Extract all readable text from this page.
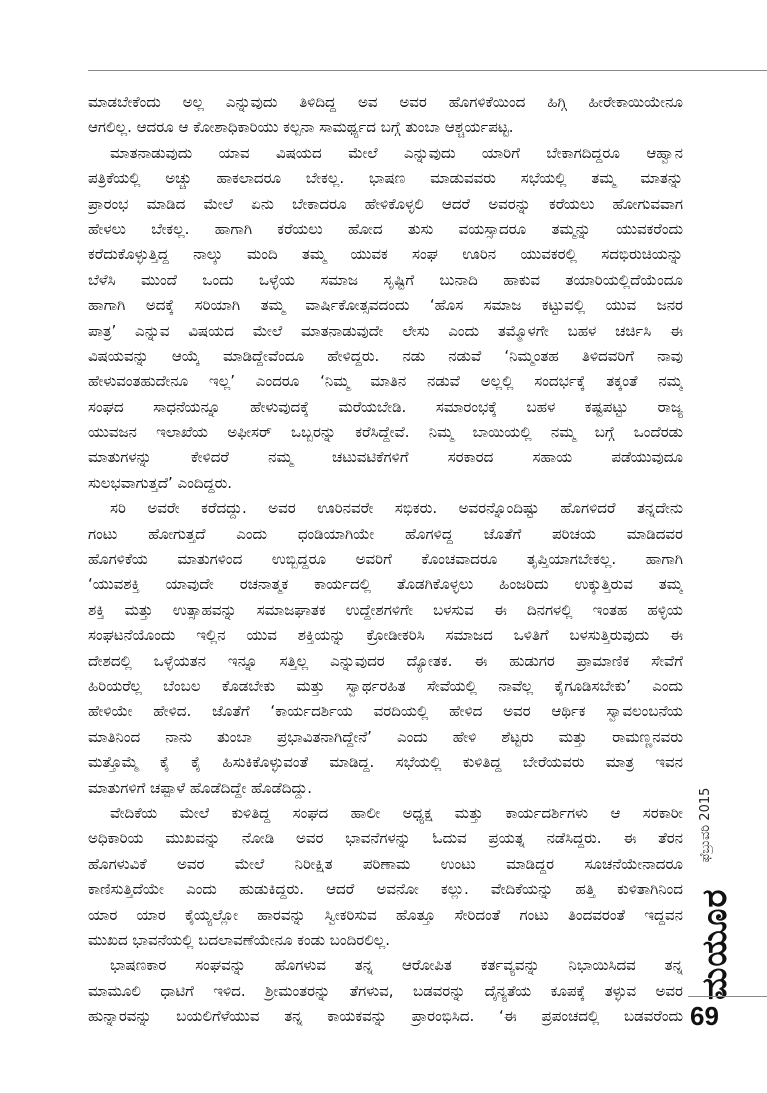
ಮಾಡಬೇಕೆಂದು ಅಲ್ಲ ಎನ್ನುವುದು ತಿಳಿದಿದ್ದ ಅವ ಅವರ ಹೊಗಳಿಕೆಯಿಂದ ಹಿಗ್ಗಿ ಹೀರೇಕಾಯಿಯೇನೂ
ಆಗಲಿಲ್ಲ. ಆದರೂ ಆ ಕೋಶಾಧಿಕಾರಿಯು ಕಲ್ಪನಾ ಸಾಮರ್ಥ್ಯದ ಬಗ್ಗೆ ತುಂಬಾ ಆಶ್ಚರ್ಯಪಟ್ಟ.
ಮಾತನಾಡುವುದು ಯಾವ ವಿಷಯದ ಮೇಲೆ ಎನ್ನುವುದು ಯಾರಿಗೆ ಬೇಕಾಗದಿದ್ದರೂ ಆಹ್ವಾನ
ಪತ್ರಿಕೆಯಲ್ಲಿ ಅಚ್ಚು ಹಾಕಲಾದರೂ ಬೇಕಲ್ಲ. ಭಾಷಣ ಮಾಡುವವರು ಸಭೆಯಲ್ಲಿ ತಮ್ಮ ಮಾತನ್ನು
ಪ್ರಾರಂಭ ಮಾಡಿದ ಮೇಲೆ ಏನು ಬೇಕಾದರೂ ಹೇಳಿಕೊಳ್ಳಲಿ ಆದರೆ ಅವರನ್ನು ಕರೆಯಲು ಹೋಗುವವಾಗ
ಹೇಳಲು ಬೇಕಲ್ಲ. ಹಾಗಾಗಿ ಕರೆಯಲು ಹೋದ ತುಸು ವಯಸ್ಸಾದರೂ ತಮ್ಮನ್ನು ಯುವಕರೆಂದು
ಕರೆದುಕೊಳ್ಳುತ್ತಿದ್ದ ನಾಲ್ಕು ಮಂದಿ ತಮ್ಮ ಯುವಕ ಸಂಘ ಊರಿನ ಯುವಕರಲ್ಲಿ ಸದಭಿರುಚಿಯನ್ನು
ಬೆಳೆಸಿ ಮುಂದೆ ಒಂದು ಒಳ್ಳೆಯ ಸಮಾಜ ಸೃಷ್ಟಿಗೆ ಬುನಾದಿ ಹಾಕುವ ತಯಾರಿಯಲ್ಲಿದೆಯೆಂದೂ
ಹಾಗಾಗಿ ಅದಕ್ಕೆ ಸರಿಯಾಗಿ ತಮ್ಮ ವಾರ್ಷಿಕೋತ್ಸವದಂದು ‘ಹೊಸ ಸಮಾಜ ಕಟ್ಟುವಲ್ಲಿ ಯುವ ಜನರ
ಪಾತ್ರ’ ಎನ್ನುವ ವಿಷಯದ ಮೇಲೆ ಮಾತನಾಡುವುದೇ ಲೇಸು ಎಂದು ತಮ್ಮೊಳಗೇ ಬಹಳ ಚರ್ಚಿಸಿ ಈ
ವಿಷಯವನ್ನು ಆಯ್ಕೆ ಮಾಡಿದ್ದೇವೆಂದೂ ಹೇಳಿದ್ದರು. ನಡು ನಡುವೆ ‘ನಿಮ್ಮಂತಹ ತಿಳಿದವರಿಗೆ ನಾವು
ಹೇಳುವಂತಹುದೇನೂ ಇಲ್ಲ’ ಎಂದರೂ ‘ನಿಮ್ಮ ಮಾತಿನ ನಡುವೆ ಅಲ್ಲಲ್ಲಿ ಸಂದರ್ಭಕ್ಕೆ ತಕ್ಕಂತೆ ನಮ್ಮ
ಸಂಘದ ಸಾಧನೆಯನ್ನೂ ಹೇಳುವುದಕ್ಕೆ ಮರೆಯಬೇಡಿ. ಸಮಾರಂಭಕ್ಕೆ ಬಹಳ ಕಷ್ಟಪಟ್ಟು ರಾಜ್ಯ
ಯುವಜನ ಇಲಾಖೆಯ ಅಫೀಸರ್ ಒಬ್ಬರನ್ನು ಕರೆಸಿದ್ದೇವೆ. ನಿಮ್ಮ ಬಾಯಿಯಲ್ಲಿ ನಮ್ಮ ಬಗ್ಗೆ ಒಂದೆರಡು
ಮಾತುಗಳನ್ನು ಕೇಳಿದರೆ ನಮ್ಮ ಚಟುವಟಿಕೆಗಳಿಗೆ ಸರಕಾರದ ಸಹಾಯ ಪಡೆಯುವುದೂ
ಸುಲಭವಾಗುತ್ತದೆ’ ಎಂದಿದ್ದರು.
ಸರಿ ಅವರೇ ಕರೆದದ್ದು. ಅವರ ಊರಿನವರೇ ಸಭಿಕರು. ಅವರನ್ನೊಂದಿಷ್ಟು ಹೊಗಳಿದರೆ ತನ್ನದೇನು
ಗಂಟು ಹೋಗುತ್ತದೆ ಎಂದು ಧಂಡಿಯಾಗಿಯೇ ಹೊಗಳಿದ್ದ ಜೊತೆಗೆ ಪರಿಚಯ ಮಾಡಿದವರ
ಹೊಗಳಿಕೆಯ ಮಾತುಗಳಿಂದ ಉಬ್ಬಿದ್ದರೂ ಅವರಿಗೆ ಕೊಂಚವಾದರೂ ತೃಪ್ತಿಯಾಗಬೇಕಲ್ಲ. ಹಾಗಾಗಿ
‘ಯುವಶಕ್ತಿ ಯಾವುದೇ ರಚನಾತ್ಮಕ ಕಾರ್ಯದಲ್ಲಿ ತೊಡಗಿಕೊಳ್ಳಲು ಹಿಂಜರಿದು ಉಕ್ಕುತ್ತಿರುವ ತಮ್ಮ
ಶಕ್ತಿ ಮತ್ತು ಉತ್ಸಾಹವನ್ನು ಸಮಾಜಘಾತಕ ಉದ್ದೇಶಗಳಿಗೇ ಬಳಸುವ ಈ ದಿನಗಳಲ್ಲಿ ಇಂತಹ ಹಳ್ಳಿಯ
ಸಂಘಟನೆಯೊಂದು ಇಲ್ಲಿನ ಯುವ ಶಕ್ತಿಯನ್ನು ಕ್ರೋಡೀಕರಿಸಿ ಸಮಾಜದ ಒಳಿತಿಗೆ ಬಳಸುತ್ತಿರುವುದು ಈ
ದೇಶದಲ್ಲಿ ಒಳ್ಳೆಯತನ ಇನ್ನೂ ಸತ್ತಿಲ್ಲ ಎನ್ನುವುದರ ದ್ಯೋತಕ. ಈ ಹುಡುಗರ ಪ್ರಾಮಾಣಿಕ ಸೇವೆಗೆ
ಹಿರಿಯರೆಲ್ಲ ಬೆಂಬಲ ಕೊಡಬೇಕು ಮತ್ತು ಸ್ವಾರ್ಥರಹಿತ ಸೇವೆಯಲ್ಲಿ ನಾವೆಲ್ಲ ಕೈಗೂಡಿಸಬೇಕು’ ಎಂದು
ಹೇಳಿಯೇ ಹೇಳಿದ. ಜೊತೆಗೆ ‘ಕಾರ್ಯದರ್ಶಿಯ ವರದಿಯಲ್ಲಿ ಹೇಳಿದ ಅವರ ಆರ್ಥಿಕ ಸ್ವಾವಲಂಬನೆಯ
ಮಾತಿನಿಂದ ನಾನು ತುಂಬಾ ಪ್ರಭಾವಿತನಾಗಿದ್ದೇನೆ’ ಎಂದು ಹೇಳಿ ಶೆಟ್ಟರು ಮತ್ತು ರಾಮಣ್ಣನವರು
ಮತ್ತೊಮ್ಮೆ ಕೈ ಕೈ ಹಿಸುಕಿಕೊಳ್ಳುವಂತೆ ಮಾಡಿದ್ದ. ಸಭೆಯಲ್ಲಿ ಕುಳಿತಿದ್ದ ಬೇರೆಯವರು ಮಾತ್ರ ಇವನ
ಮಾತುಗಳಿಗೆ ಚಪ್ಪಾಳೆ ಹೊಡೆದಿದ್ದೇ ಹೊಡೆದಿದ್ದು.
ವೇದಿಕೆಯ ಮೇಲೆ ಕುಳಿತಿದ್ದ ಸಂಘದ ಹಾಲೀ ಅಧ್ಯಕ್ಷ ಮತ್ತು ಕಾರ್ಯದರ್ಶಿಗಳು ಆ ಸರಕಾರೀ
ಅಧಿಕಾರಿಯ ಮುಖವನ್ನು ನೋಡಿ ಅವರ ಭಾವನೆಗಳನ್ನು ಓದುವ ಪ್ರಯತ್ನ ನಡೆಸಿದ್ದರು. ಈ ತೆರನ
ಹೊಗಳುವಿಕೆ ಅವರ ಮೇಲೆ ನಿರೀಕ್ಷಿತ ಪರಿಣಾಮ ಉಂಟು ಮಾಡಿದ್ದರ ಸೂಚನೆಯೇನಾದರೂ
ಕಾಣಿಸುತ್ತಿದೆಯೇ ಎಂದು ಹುಡುಕಿದ್ದರು. ಆದರೆ ಅವನೋ ಕಲ್ಲು. ವೇದಿಕೆಯನ್ನು ಹತ್ತಿ ಕುಳಿತಾಗಿನಿಂದ
ಯಾರ ಯಾರ ಕೈಯ್ಯಲ್ಲೋ ಹಾರವನ್ನು ಸ್ವೀಕರಿಸುವ ಹೊತ್ತೂ ಸೇರಿದಂತೆ ಗಂಟು ತಿಂದವರಂತೆ ಇದ್ದವನ
ಮುಖದ ಭಾವನೆಯಲ್ಲಿ ಬದಲಾವಣೆಯೇನೂ ಕಂಡು ಬಂದಿರಲಿಲ್ಲ.
ಭಾಷಣಕಾರ ಸಂಘವನ್ನು ಹೊಗಳುವ ತನ್ನ ಆರೋಪಿತ ಕರ್ತವ್ಯವನ್ನು ನಿಭಾಯಿಸಿದವ ತನ್ನ
ಮಾಮೂಲಿ ಧಾಟಿಗೆ ಇಳಿದ. ಶ್ರೀಮಂತರನ್ನು ತೆಗಳುವ, ಬಡವರನ್ನು ದೈನ್ಯತೆಯ ಕೂಪಕ್ಕೆ ತಳ್ಳುವ ಅವರ
ಹುನ್ನಾರವನ್ನು ಬಯಲಿಗೆಳೆಯುವ ತನ್ನ ಕಾಯಕವನ್ನು ಪ್ರಾರಂಭಿಸಿದ. ‘ಈ ಪ್ರಪಂಚದಲ್ಲಿ ಬಡವರೆಂದು
ಫೆಬ್ರುವರಿ 2015
ಮಯೂರ
69
